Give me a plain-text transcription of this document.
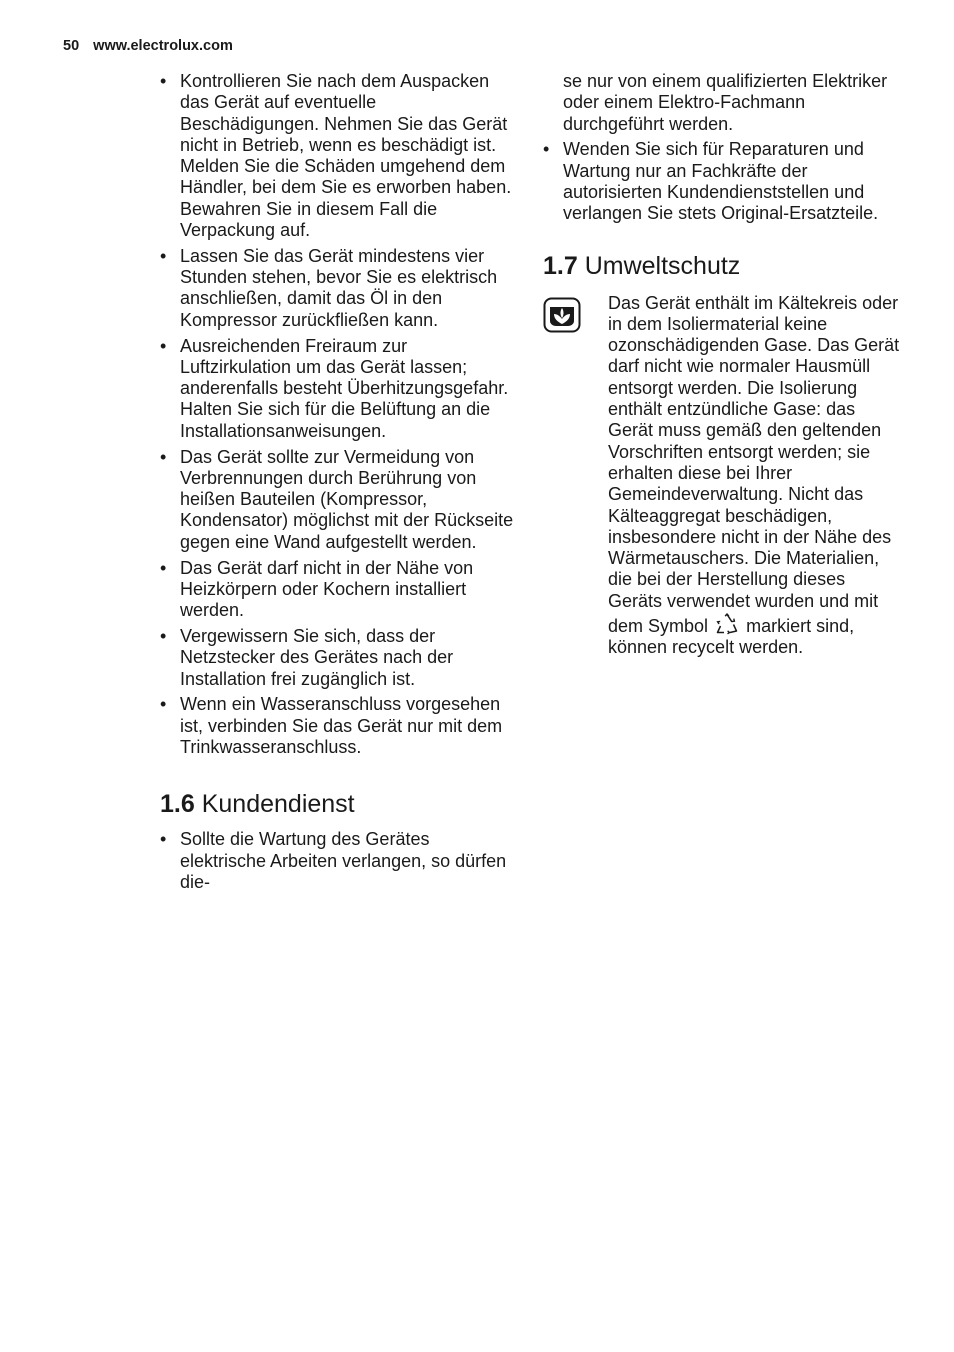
50 www.electrolux.com
• Kontrollieren Sie nach dem Auspacken das Gerät auf eventuelle Beschädigungen. Nehmen Sie das Gerät nicht in Betrieb, wenn es beschädigt ist. Melden Sie die Schäden umgehend dem Händler, bei dem Sie es erworben haben. Bewahren Sie in diesem Fall die Verpackung auf.
• Lassen Sie das Gerät mindestens vier Stunden stehen, bevor Sie es elektrisch anschließen, damit das Öl in den Kompressor zurückfließen kann.
• Ausreichenden Freiraum zur Luftzirkulation um das Gerät lassen; anderenfalls besteht Überhitzungsgefahr. Halten Sie sich für die Belüftung an die Installationsanweisungen.
• Das Gerät sollte zur Vermeidung von Verbrennungen durch Berührung von heißen Bauteilen (Kompressor, Kondensator) möglichst mit der Rückseite gegen eine Wand aufgestellt werden.
• Das Gerät darf nicht in der Nähe von Heizkörpern oder Kochern installiert werden.
• Vergewissern Sie sich, dass der Netzstecker des Gerätes nach der Installation frei zugänglich ist.
• Wenn ein Wasseranschluss vorgesehen ist, verbinden Sie das Gerät nur mit dem Trinkwasseranschluss.
1.6 Kundendienst
• Sollte die Wartung des Gerätes elektrische Arbeiten verlangen, so dürfen die-
se nur von einem qualifizierten Elektriker oder einem Elektro-Fachmann durchgeführt werden.
• Wenden Sie sich für Reparaturen und Wartung nur an Fachkräfte der autorisierten Kundendienststellen und verlangen Sie stets Original-Ersatzteile.
1.7 Umweltschutz
Das Gerät enthält im Kältekreis oder in dem Isoliermaterial keine ozonschädigenden Gase. Das Gerät darf nicht wie normaler Hausmüll entsorgt werden. Die Isolierung enthält entzündliche Gase: das Gerät muss gemäß den geltenden Vorschriften entsorgt werden; sie erhalten diese bei Ihrer Gemeindeverwaltung. Nicht das Kälteaggregat beschädigen, insbesondere nicht in der Nähe des Wärmetauschers. Die Materialien, die bei der Herstellung dieses Geräts verwendet wurden und mit dem Symbol markiert sind, können recycelt werden.
